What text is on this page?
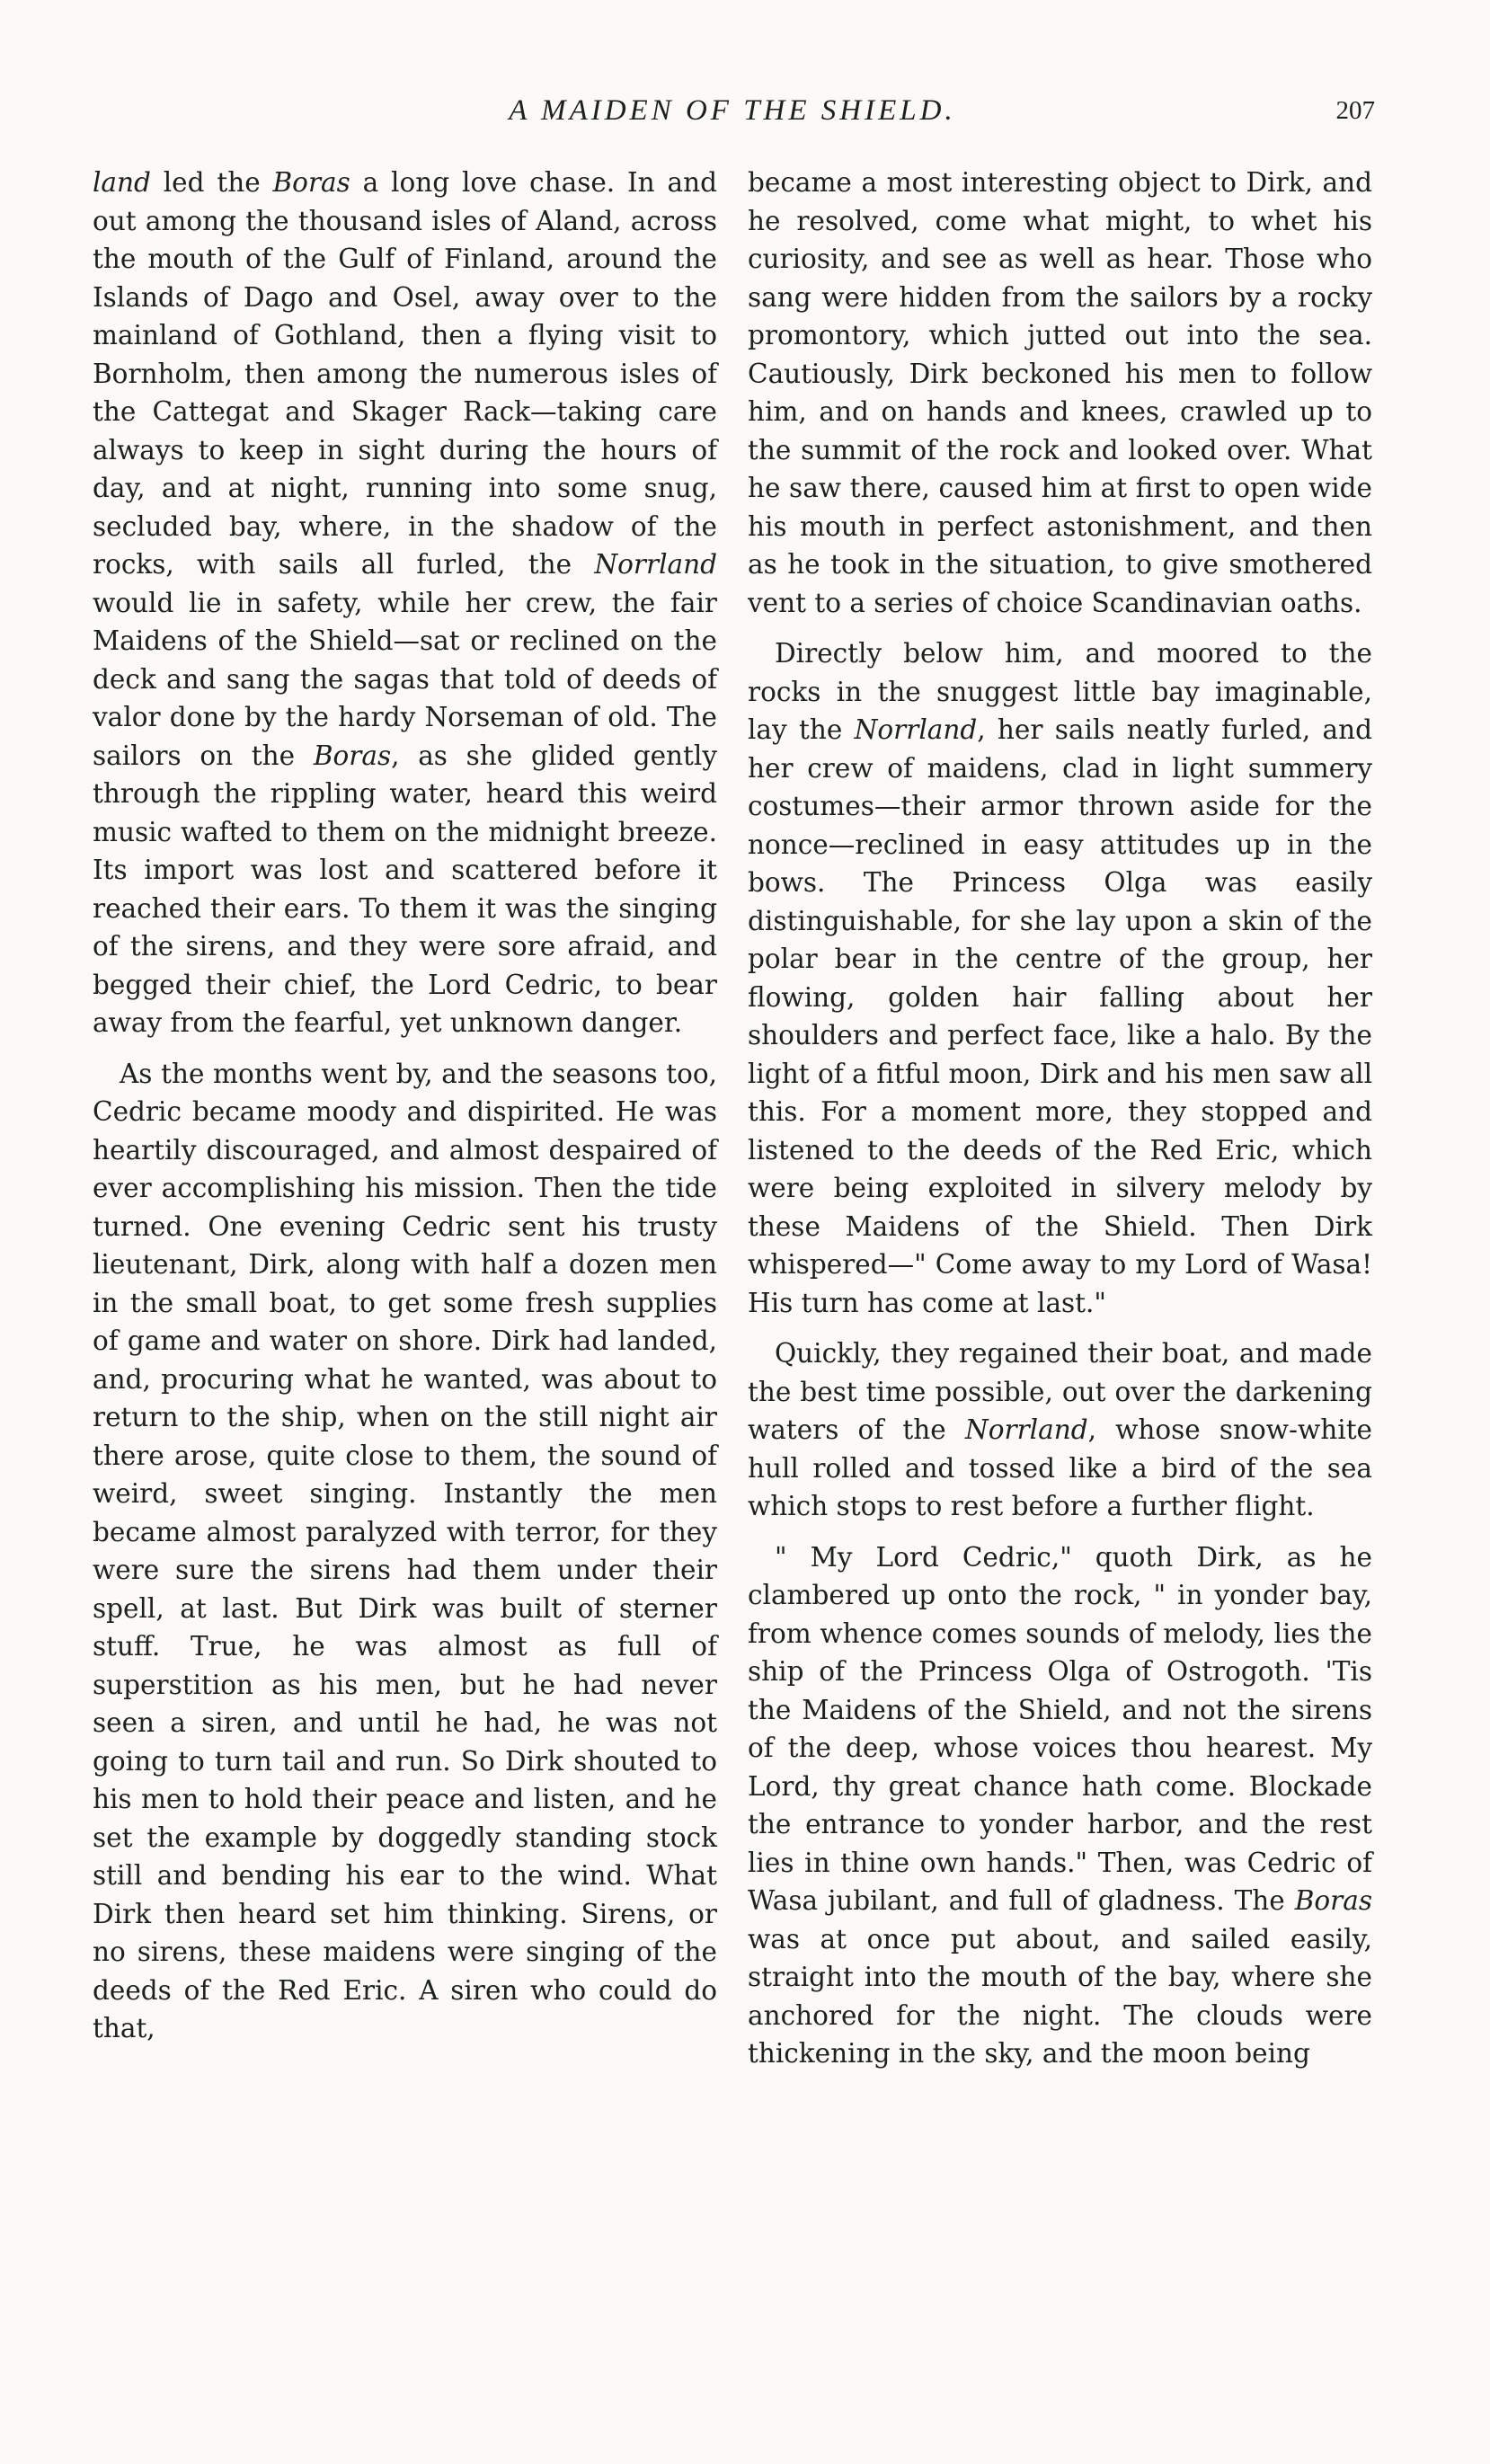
A MAIDEN OF THE SHIELD.	207

land led the Boras a long love chase. In and out among the thousand isles of Aland, across the mouth of the Gulf of Finland, around the Islands of Dago and Osel, away over to the mainland of Gothland, then a flying visit to Bornholm, then among the numerous isles of the Cattegat and Skager Rack—taking care always to keep in sight during the hours of day, and at night, running into some snug, secluded bay, where, in the shadow of the rocks, with sails all furled, the Norrland would lie in safety, while her crew, the fair Maidens of the Shield—sat or reclined on the deck and sang the sagas that told of deeds of valor done by the hardy Norseman of old. The sailors on the Boras, as she glided gently through the rippling water, heard this weird music wafted to them on the midnight breeze. Its import was lost and scattered before it reached their ears. To them it was the singing of the sirens, and they were sore afraid, and begged their chief, the Lord Cedric, to bear away from the fearful, yet unknown danger.

As the months went by, and the seasons too, Cedric became moody and dispirited. He was heartily discouraged, and almost despaired of ever accomplishing his mission. Then the tide turned. One evening Cedric sent his trusty lieutenant, Dirk, along with half a dozen men in the small boat, to get some fresh supplies of game and water on shore. Dirk had landed, and, procuring what he wanted, was about to return to the ship, when on the still night air there arose, quite close to them, the sound of weird, sweet singing. Instantly the men became almost paralyzed with terror, for they were sure the sirens had them under their spell, at last. But Dirk was built of sterner stuff. True, he was almost as full of superstition as his men, but he had never seen a siren, and until he had, he was not going to turn tail and run. So Dirk shouted to his men to hold their peace and listen, and he set the example by doggedly standing stock still and bending his ear to the wind. What Dirk then heard set him thinking. Sirens, or no sirens, these maidens were singing of the deeds of the Red Eric. A siren who could do that,

became a most interesting object to Dirk, and he resolved, come what might, to whet his curiosity, and see as well as hear. Those who sang were hidden from the sailors by a rocky promontory, which jutted out into the sea. Cautiously, Dirk beckoned his men to follow him, and on hands and knees, crawled up to the summit of the rock and looked over. What he saw there, caused him at first to open wide his mouth in perfect astonishment, and then as he took in the situation, to give smothered vent to a series of choice Scandinavian oaths.

Directly below him, and moored to the rocks in the snuggest little bay imaginable, lay the Norrland, her sails neatly furled, and her crew of maidens, clad in light summery costumes—their armor thrown aside for the nonce—reclined in easy attitudes up in the bows. The Princess Olga was easily distinguishable, for she lay upon a skin of the polar bear in the centre of the group, her flowing, golden hair falling about her shoulders and perfect face, like a halo. By the light of a fitful moon, Dirk and his men saw all this. For a moment more, they stopped and listened to the deeds of the Red Eric, which were being exploited in silvery melody by these Maidens of the Shield. Then Dirk whispered—" Come away to my Lord of Wasa! His turn has come at last."

Quickly, they regained their boat, and made the best time possible, out over the darkening waters of the Norrland, whose snow-white hull rolled and tossed like a bird of the sea which stops to rest before a further flight.

" My Lord Cedric," quoth Dirk, as he clambered up onto the rock, " in yonder bay, from whence comes sounds of melody, lies the ship of the Princess Olga of Ostrogoth. 'Tis the Maidens of the Shield, and not the sirens of the deep, whose voices thou hearest. My Lord, thy great chance hath come. Blockade the entrance to yonder harbor, and the rest lies in thine own hands." Then, was Cedric of Wasa jubilant, and full of gladness. The Boras was at once put about, and sailed easily, straight into the mouth of the bay, where she anchored for the night. The clouds were thickening in the sky, and the moon being
